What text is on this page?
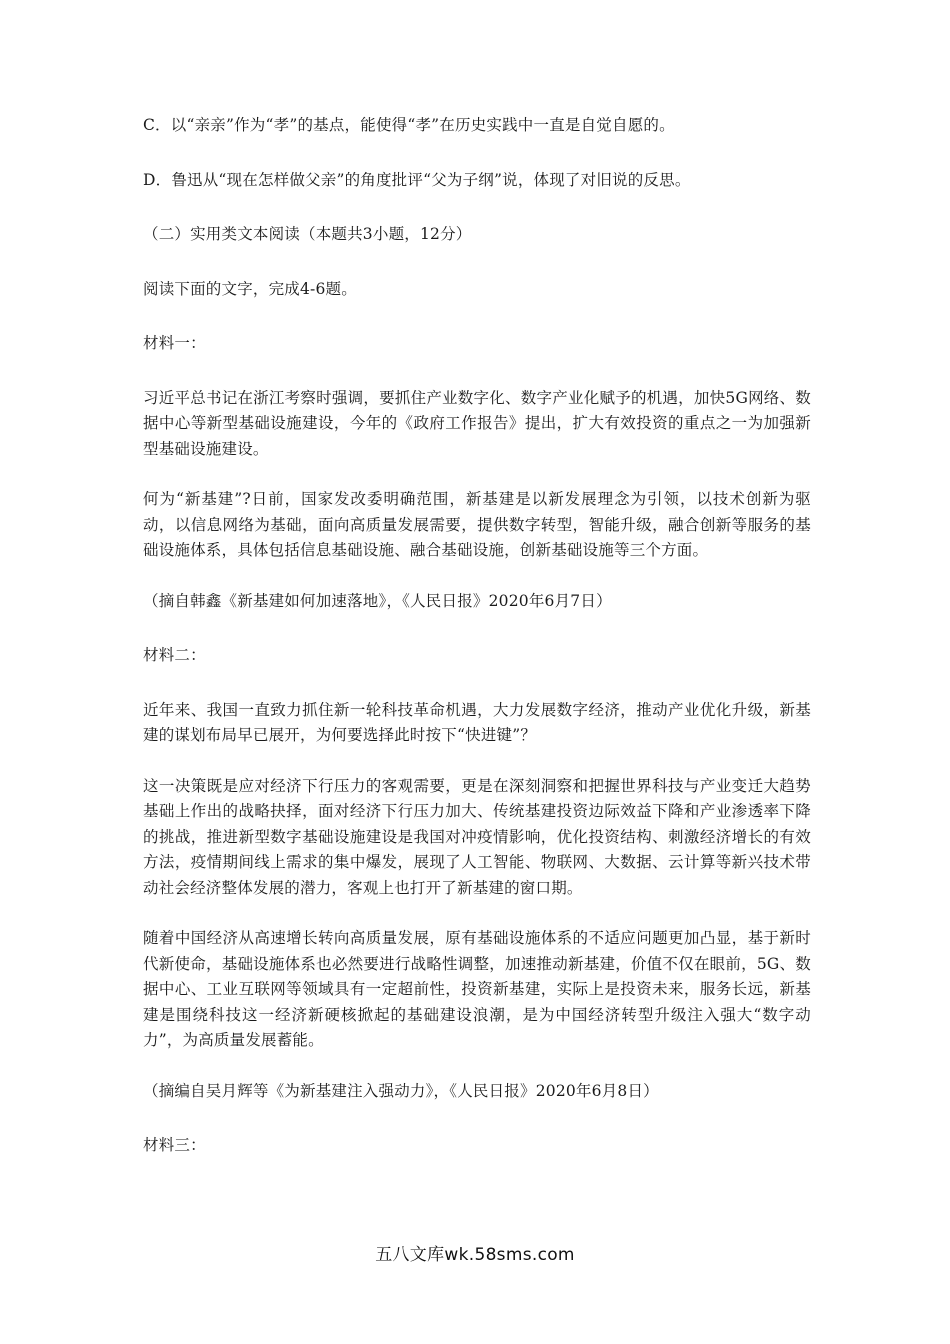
C．以“亲亲”作为“孝”的基点，能使得“孝”在历史实践中一直是自觉自愿的。

D．鲁迅从“现在怎样做父亲”的角度批评“父为子纲”说，体现了对旧说的反思。

（二）实用类文本阅读（本题共3小题，12分）

阅读下面的文字，完成4-6题。

材料一：

习近平总书记在浙江考察时强调，要抓住产业数字化、数字产业化赋予的机遇，加快5G网络、数据中心等新型基础设施建设，今年的《政府工作报告》提出，扩大有效投资的重点之一为加强新型基础设施建设。

何为“新基建”?日前，国家发改委明确范围，新基建是以新发展理念为引领，以技术创新为驱动，以信息网络为基础，面向高质量发展需要，提供数字转型，智能升级，融合创新等服务的基础设施体系，具体包括信息基础设施、融合基础设施，创新基础设施等三个方面。

（摘自韩鑫《新基建如何加速落地》，《人民日报》2020年6月7日）

材料二：

近年来、我国一直致力抓住新一轮科技革命机遇，大力发展数字经济，推动产业优化升级，新基建的谋划布局早已展开，为何要选择此时按下“快进键”？

这一决策既是应对经济下行压力的客观需要，更是在深刻洞察和把握世界科技与产业变迁大趋势基础上作出的战略抉择，面对经济下行压力加大、传统基建投资边际效益下降和产业渗透率下降的挑战，推进新型数字基础设施建设是我国对冲疫情影响，优化投资结构、刺激经济增长的有效方法，疫情期间线上需求的集中爆发，展现了人工智能、物联网、大数据、云计算等新兴技术带动社会经济整体发展的潜力，客观上也打开了新基建的窗口期。

随着中国经济从高速增长转向高质量发展，原有基础设施体系的不适应问题更加凸显，基于新时代新使命，基础设施体系也必然要进行战略性调整，加速推动新基建，价值不仅在眼前，5G、数据中心、工业互联网等领域具有一定超前性，投资新基建，实际上是投资未来，服务长远，新基建是围绕科技这一经济新硬核掀起的基础建设浪潮，是为中国经济转型升级注入强大“数字动力”，为高质量发展蓄能。

（摘编自吴月辉等《为新基建注入强动力》，《人民日报》2020年6月8日）

材料三：

五八文库wk.58sms.com
